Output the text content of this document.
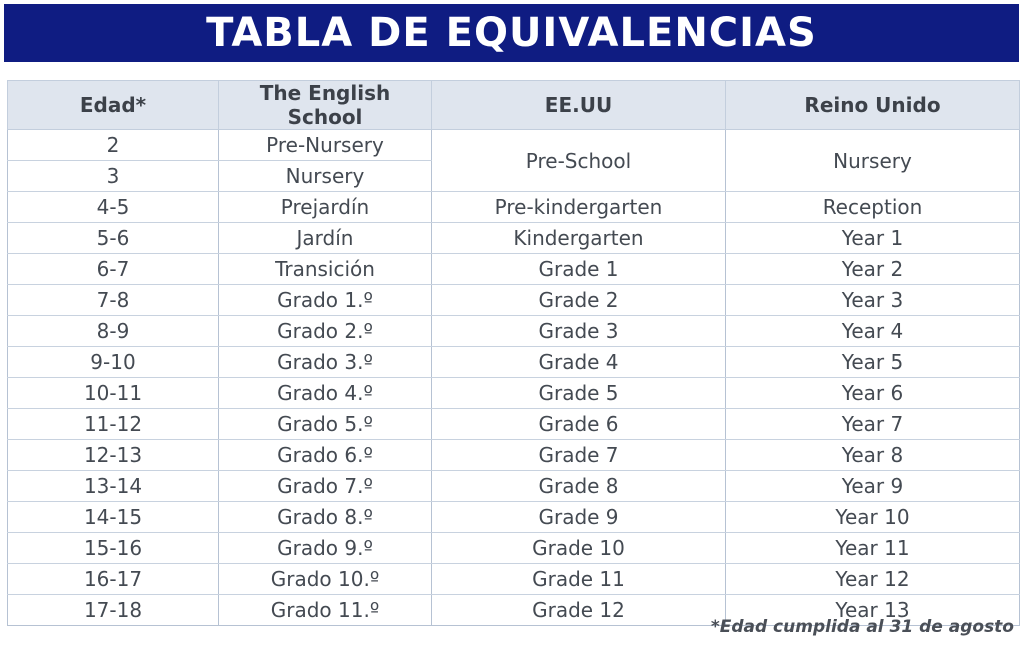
TABLA DE EQUIVALENCIAS
Edad*	The English School	EE.UU	Reino Unido
2	Pre-Nursery	Pre-School	Nursery
3	Nursery		
4-5	Prejardín	Pre-kindergarten	Reception
5-6	Jardín	Kindergarten	Year 1
6-7	Transición	Grade 1	Year 2
7-8	Grado 1.º	Grade 2	Year 3
8-9	Grado 2.º	Grade 3	Year 4
9-10	Grado 3.º	Grade 4	Year 5
10-11	Grado 4.º	Grade 5	Year 6
11-12	Grado 5.º	Grade 6	Year 7
12-13	Grado 6.º	Grade 7	Year 8
13-14	Grado 7.º	Grade 8	Year 9
14-15	Grado 8.º	Grade 9	Year 10
15-16	Grado 9.º	Grade 10	Year 11
16-17	Grado 10.º	Grade 11	Year 12
17-18	Grado 11.º	Grade 12	Year 13
*Edad cumplida al 31 de agosto
